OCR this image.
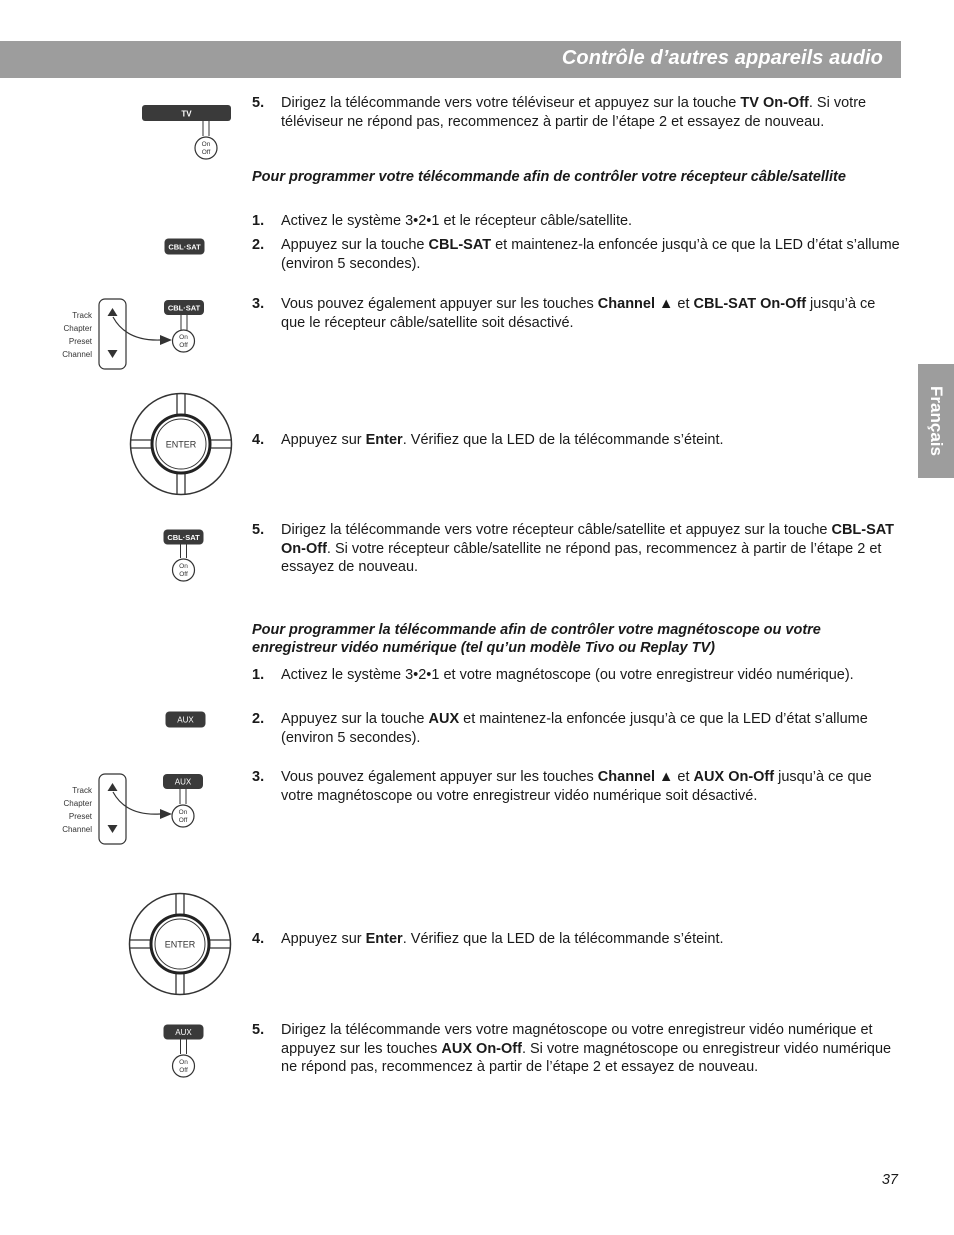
Contrôle d’autres appareils audio
Français
TV
On
Off
5. Dirigez la télécommande vers votre téléviseur et appuyez sur la touche TV On-Off. Si votre téléviseur ne répond pas, recommencez à partir de l’étape 2 et essayez de nouveau.
Pour programmer votre télécommande afin de contrôler votre récepteur câble/satellite
1. Activez le système 3•2•1 et le récepteur câble/satellite.
CBL·SAT	2. Appuyez sur la touche CBL-SAT et maintenez-la enfoncée jusqu’à ce que la LED d’état s’allume (environ 5 secondes).
Track
Chapter
Preset
Channel
CBL·SAT
On
Off
3. Vous pouvez également appuyer sur les touches Channel ▲ et CBL-SAT On-Off jusqu’à ce que le récepteur câble/satellite soit désactivé.
ENTER	4. Appuyez sur Enter. Vérifiez que la LED de la télécommande s’éteint.
CBL·SAT
On
Off
5. Dirigez la télécommande vers votre récepteur câble/satellite et appuyez sur la touche CBL-SAT On-Off. Si votre récepteur câble/satellite ne répond pas, recommencez à partir de l’étape 2 et essayez de nouveau.
Pour programmer la télécommande afin de contrôler votre magnétoscope ou votre enregistreur vidéo numérique (tel qu’un modèle Tivo ou Replay TV)
1. Activez le système 3•2•1 et votre magnétoscope (ou votre enregistreur vidéo numérique).
AUX	2. Appuyez sur la touche AUX et maintenez-la enfoncée jusqu’à ce que la LED d’état s’allume (environ 5 secondes).
Track
Chapter
Preset
Channel
AUX
On
Off
3. Vous pouvez également appuyer sur les touches Channel ▲ et AUX On-Off jusqu’à ce que votre magnétoscope ou votre enregistreur vidéo numérique soit désactivé.
ENTER	4. Appuyez sur Enter. Vérifiez que la LED de la télécommande s’éteint.
AUX
On
Off
5. Dirigez la télécommande vers votre magnétoscope ou votre enregistreur vidéo numérique et appuyez sur les touches AUX On-Off. Si votre magnétoscope ou enregistreur vidéo numérique ne répond pas, recommencez à partir de l’étape 2 et essayez de nouveau.
37
